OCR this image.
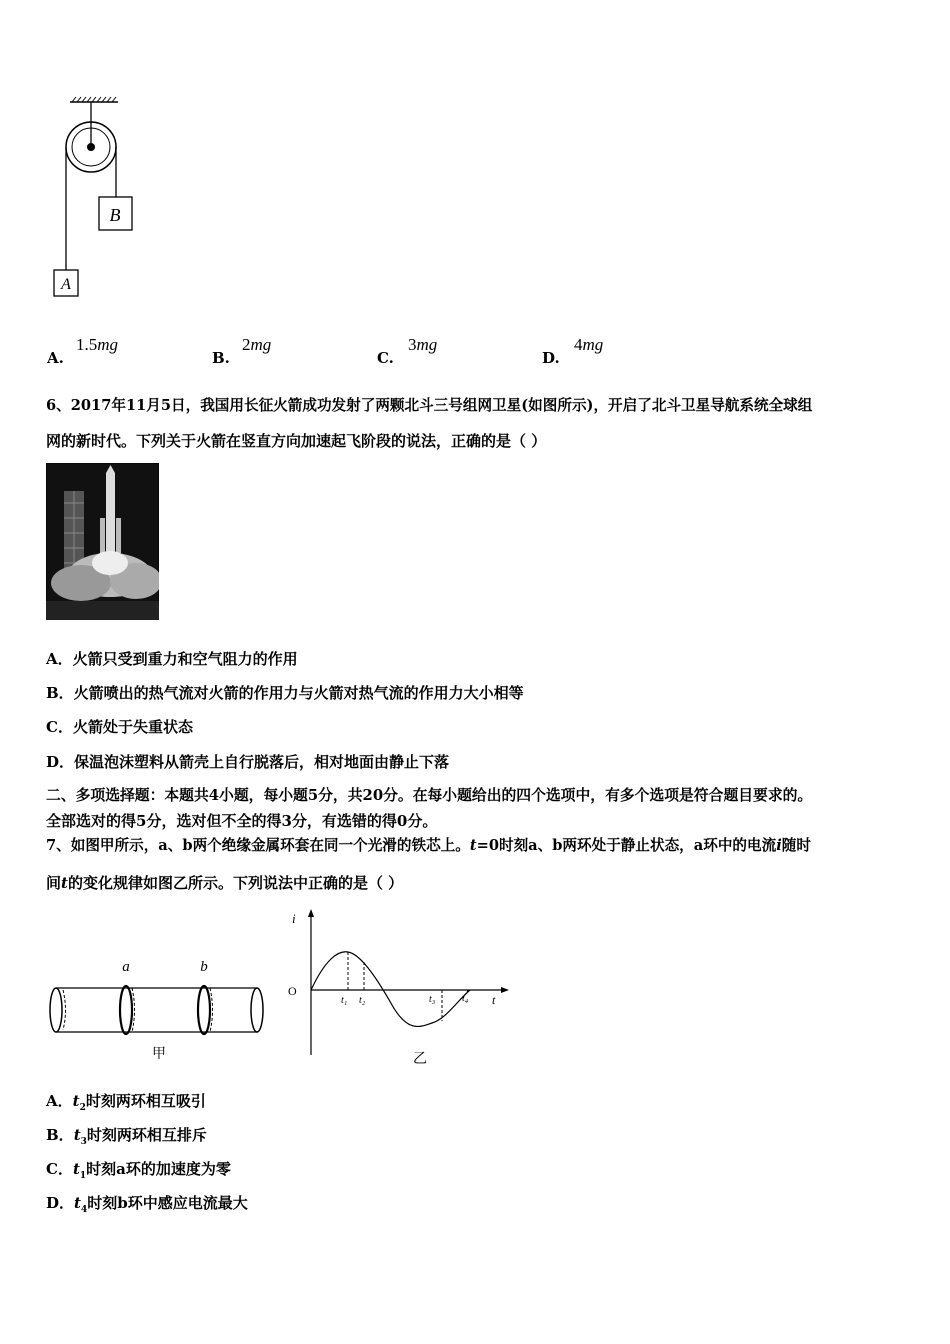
B
A
A.
1.5mg
B.
2mg
C.
3mg
D.
4mg
6、2017年11月5日，我国用长征火箭成功发射了两颗北斗三号组网卫星(如图所示)，开启了北斗卫星导航系统全球组
网的新时代。下列关于火箭在竖直方向加速起飞阶段的说法，正确的是（ ）
A．火箭只受到重力和空气阻力的作用
B．火箭喷出的热气流对火箭的作用力与火箭对热气流的作用力大小相等
C．火箭处于失重状态
D．保温泡沫塑料从箭壳上自行脱落后，相对地面由静止下落
二、多项选择题：本题共4小题，每小题5分，共20分。在每小题给出的四个选项中，有多个选项是符合题目要求的。
全部选对的得5分，选对但不全的得3分，有选错的得0分。
7、如图甲所示，a、b两个绝缘金属环套在同一个光滑的铁芯上。t=0时刻a、b两环处于静止状态，a环中的电流i随时
间t的变化规律如图乙所示。下列说法中正确的是（ ）
a	b
甲
i
O
t
t₁ t₂	t₃	t₄
乙
A．$t_2$时刻两环相互吸引
B．$t_3$时刻两环相互排斥
C．$t_1$时刻a环的加速度为零
D．$t_4$时刻b环中感应电流最大
